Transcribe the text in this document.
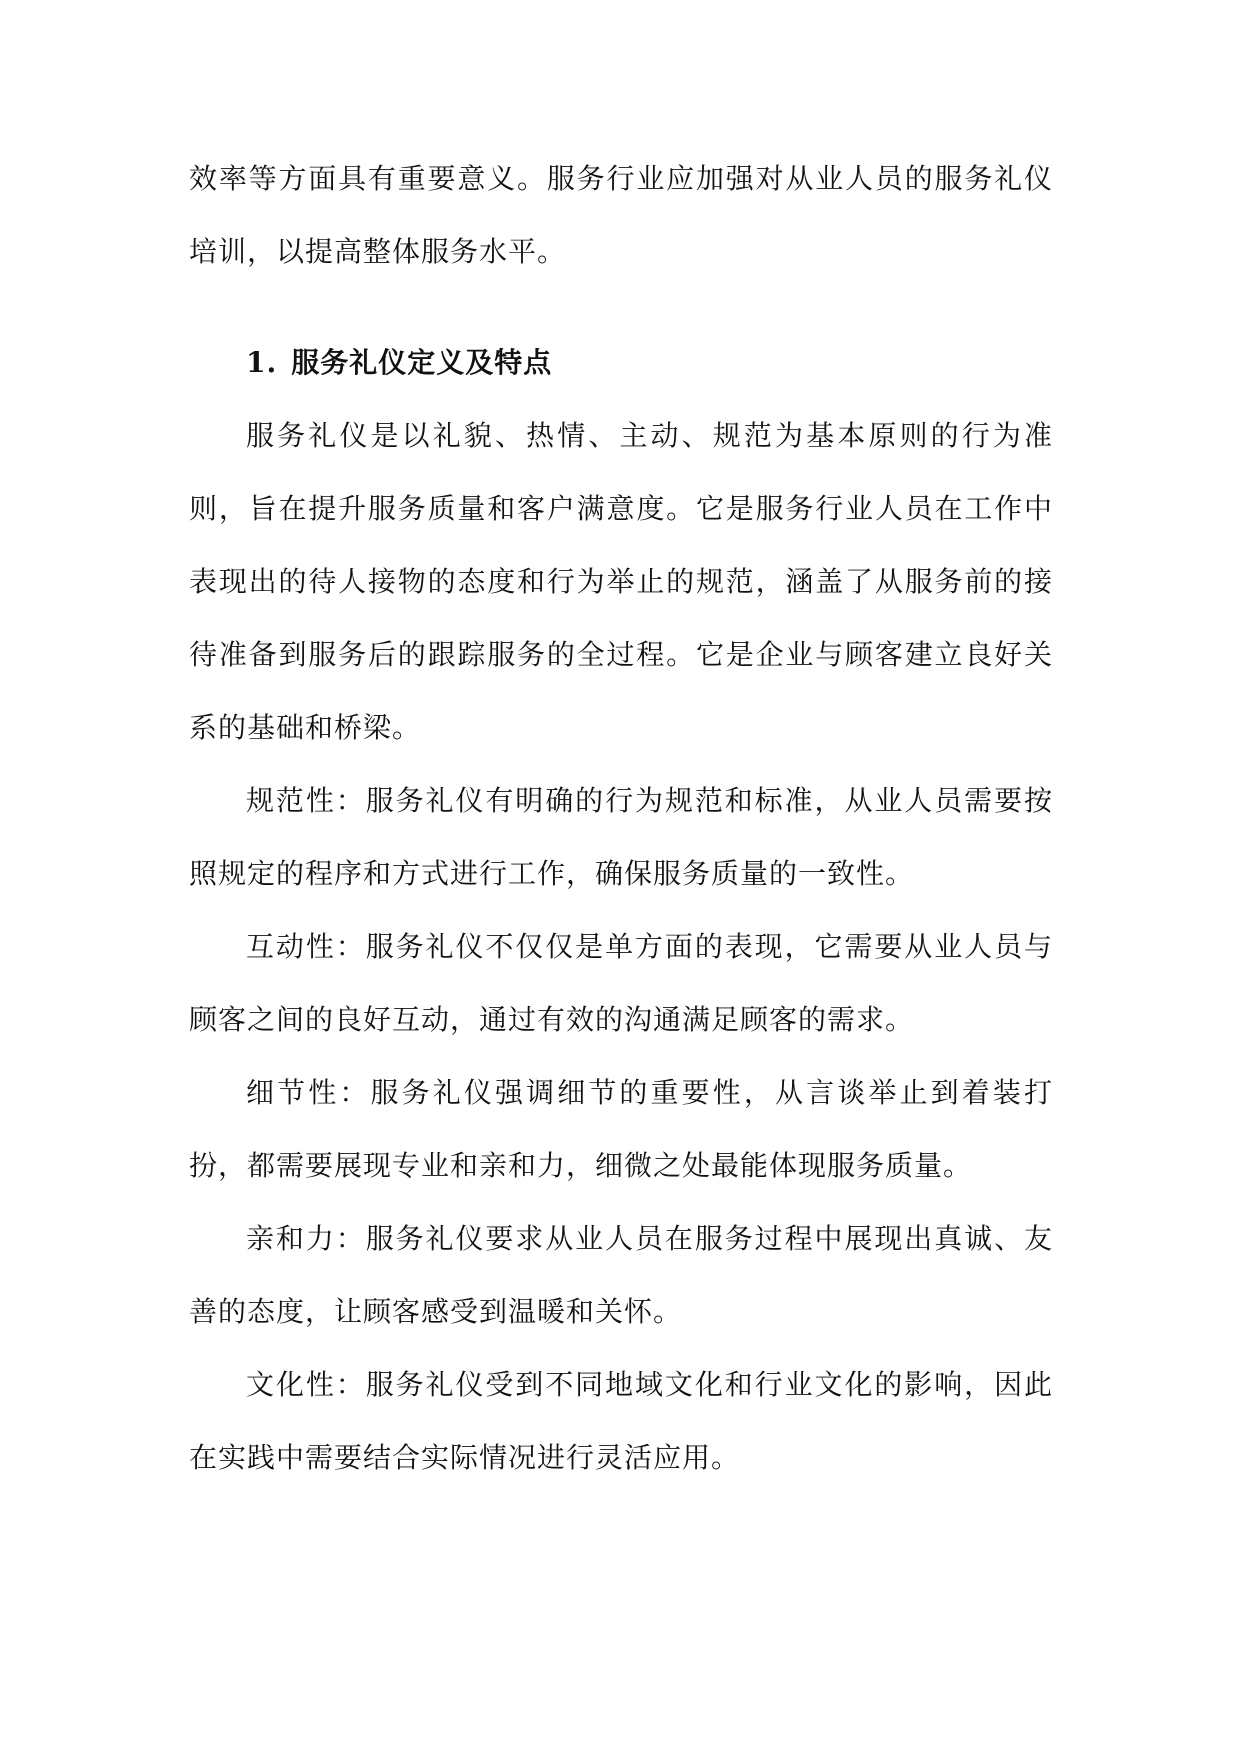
效率等方面具有重要意义。服务行业应加强对从业人员的服务礼仪培训，以提高整体服务水平。

1. 服务礼仪定义及特点

服务礼仪是以礼貌、热情、主动、规范为基本原则的行为准则，旨在提升服务质量和客户满意度。它是服务行业人员在工作中表现出的待人接物的态度和行为举止的规范，涵盖了从服务前的接待准备到服务后的跟踪服务的全过程。它是企业与顾客建立良好关系的基础和桥梁。

规范性：服务礼仪有明确的行为规范和标准，从业人员需要按照规定的程序和方式进行工作，确保服务质量的一致性。

互动性：服务礼仪不仅仅是单方面的表现，它需要从业人员与顾客之间的良好互动，通过有效的沟通满足顾客的需求。

细节性：服务礼仪强调细节的重要性，从言谈举止到着装打扮，都需要展现专业和亲和力，细微之处最能体现服务质量。

亲和力：服务礼仪要求从业人员在服务过程中展现出真诚、友善的态度，让顾客感受到温暖和关怀。

文化性：服务礼仪受到不同地域文化和行业文化的影响，因此在实践中需要结合实际情况进行灵活应用。
